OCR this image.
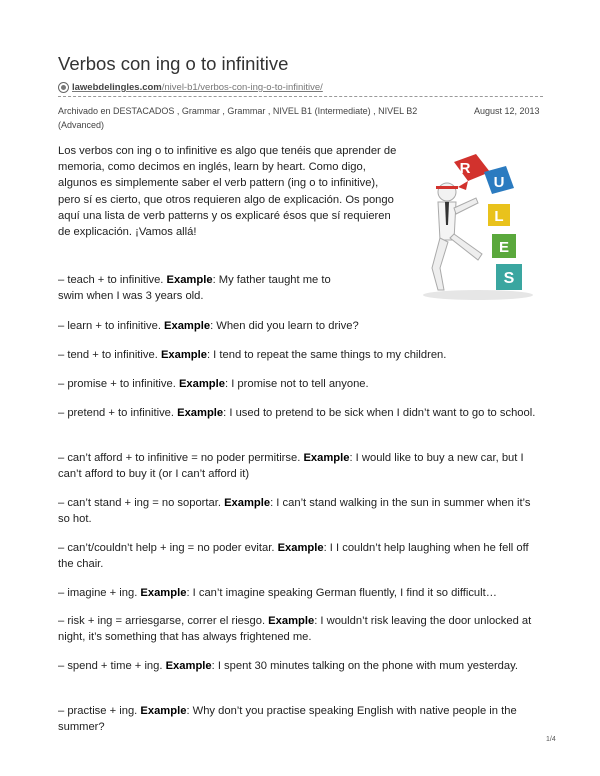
Verbos con ing o to infinitive
lawebdelingles.com/nivel-b1/verbos-con-ing-o-to-infinitive/
Archivado en DESTACADOS , Grammar , Grammar , NIVEL B1 (Intermediate) , NIVEL B2 (Advanced)
August 12, 2013
Los verbos con ing o to infinitive es algo que tenéis que aprender de memoria, como decimos en inglés, learn by heart. Como digo, algunos es simplemente saber el verb pattern (ing o to infinitive), pero sí es cierto, que otros requieren algo de explicación. Os pongo aquí una lista de verb patterns y os explicaré ésos que sí requieren de explicación. ¡Vamos allá!
R
U
L
E
S

– teach + to infinitive. Example: My father taught me to swim when I was 3 years old.

– learn + to infinitive. Example: When did you learn to drive?

– tend + to infinitive. Example: I tend to repeat the same things to my children.

– promise + to infinitive. Example: I promise not to tell anyone.

– pretend + to infinitive. Example: I used to pretend to be sick when I didn’t want to go to school.

– can’t afford + to infinitive = no poder permitirse. Example: I would like to buy a new car, but I can’t afford to buy it (or I can’t afford it)

– can’t stand + ing = no soportar. Example: I can’t stand walking in the sun in summer when it’s so hot.

– can’t/couldn’t help + ing = no poder evitar. Example: I I couldn’t help laughing when he fell off the chair.

– imagine + ing. Example: I can’t imagine speaking German fluently, I find it so difficult…

– risk + ing = arriesgarse, correr el riesgo. Example: I wouldn’t risk leaving the door unlocked at night, it’s something that has always frightened me.

– spend + time + ing. Example: I spent 30 minutes talking on the phone with mum yesterday.

– practise + ing. Example: Why don’t you practise speaking English with native people in the summer?

1/4
